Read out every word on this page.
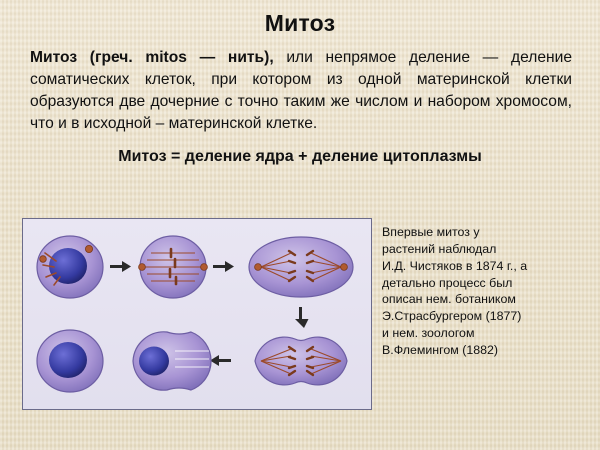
Митоз
Митоз (греч. mitos — нить), или непрямое деление — деление соматических клеток, при котором из одной материнской клетки образуются две дочерние с точно таким же числом и набором хромосом, что и в исходной – материнской клетке.
Митоз = деление ядра + деление цитоплазмы
Впервые митоз у
растений наблюдал
И.Д. Чистяков в 1874 г., а
детально процесс был
описан нем. ботаником
Э.Страсбургером (1877)
и нем. зоологом
В.Флемингом (1882)
